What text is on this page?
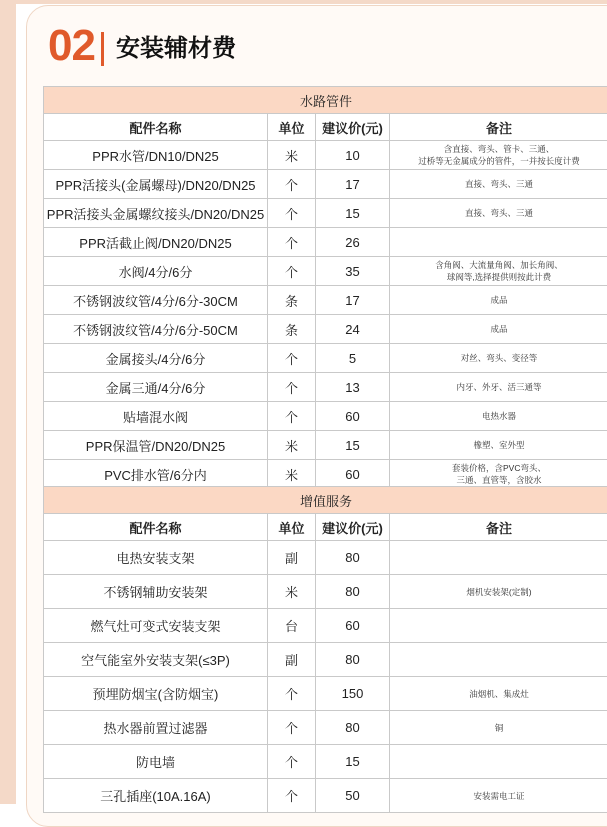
02 安装辅材费
水路管件			
配件名称	单位	建议价(元)	备注
PPR水管/DN10/DN25	米	10	含直接、弯头、管卡、三通、
过桥等无金属成分的管件，一并按长度计费
PPR活接头(金属螺母)/DN20/DN25	个	17	直接、弯头、三通
PPR活接头金属螺纹接头/DN20/DN25	个	15	直接、弯头、三通
PPR活截止阀/DN20/DN25	个	26	
水阀/4分/6分	个	35	含角阀、大流量角阀、加长角阀、
球阀等,选择提供则按此计费
不锈钢波纹管/4分/6分-30CM	条	17	成品
不锈钢波纹管/4分/6分-50CM	条	24	成品
金属接头/4分/6分	个	5	对丝、弯头、变径等
金属三通/4分/6分	个	13	内牙、外牙、活三通等
贴墙混水阀	个	60	电热水器
PPR保温管/DN20/DN25	米	15	橡塑、室外型
PVC排水管/6分内	米	60	套装价格，含PVC弯头、
三通、直管等，含胶水
增值服务			
配件名称	单位	建议价(元)	备注
电热安装支架	副	80	
不锈钢辅助安装架	米	80	烟机安装架(定制)
燃气灶可变式安装支架	台	60	
空气能室外安装支架(≤3P)	副	80	
预埋防烟宝(含防烟宝)	个	150	油烟机、集成灶
热水器前置过滤器	个	80	铜
防电墙	个	15	
三孔插座(10A.16A)	个	50	安装需电工证
